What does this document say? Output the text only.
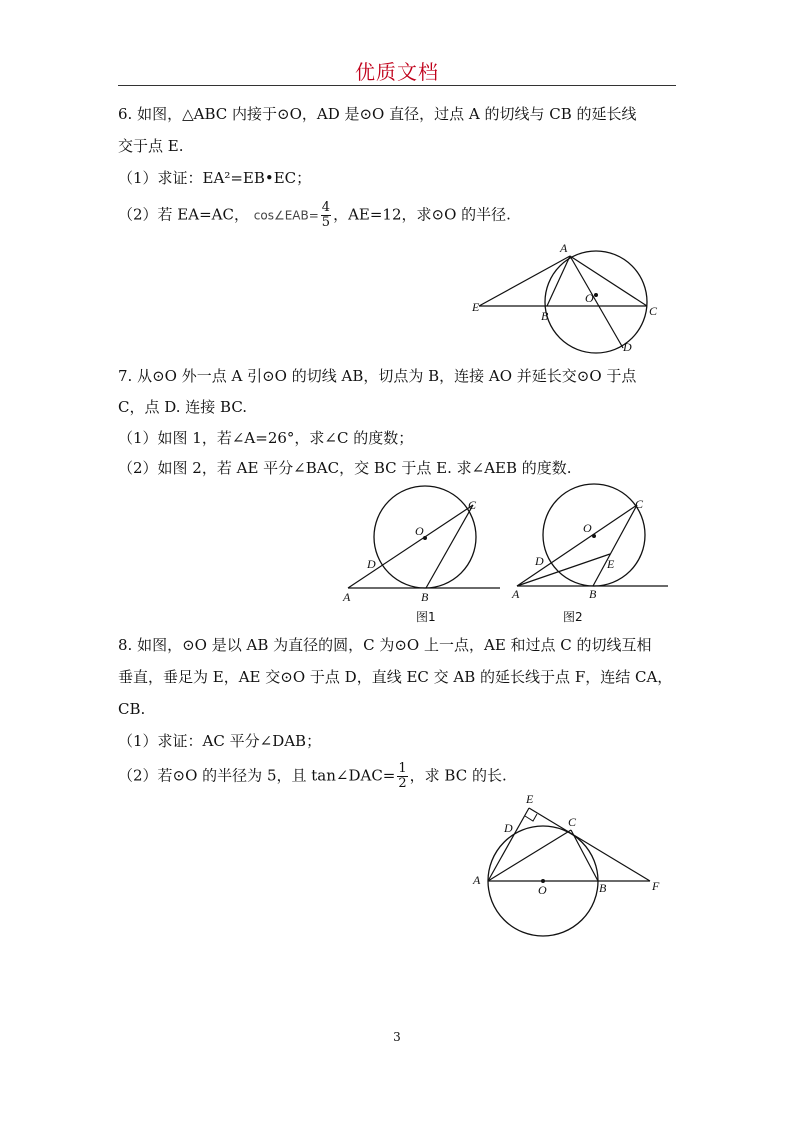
优质文档
6. 如图，△ABC 内接于⊙O，AD 是⊙O 直径，过点 A 的切线与 CB 的延长线
交于点 E.
（1）求证：EA²=EB•EC；
（2）若 EA=AC， cos∠EAB= $\frac{4}{5}$ ，AE=12，求⊙O 的半径.
A
E
O
B	C
D
7. 从⊙O 外一点 A 引⊙O 的切线 AB，切点为 B，连接 AO 并延长交⊙O 于点
C，点 D. 连接 BC.
（1）如图 1，若∠A=26°，求∠C 的度数；
（2）如图 2，若 AE 平分∠BAC，交 BC 于点 E. 求∠AEB 的度数.
O
C
D
A	B
图1
O
C
D	E
A	B
图2
8. 如图，⊙O 是以 AB 为直径的圆，C 为⊙O 上一点，AE 和过点 C 的切线互相
垂直，垂足为 E，AE 交⊙O 于点 D，直线 EC 交 AB 的延长线于点 F，连结 CA，
CB.
（1）求证：AC 平分∠DAB；
（2）若⊙O 的半径为 5，且 tan∠DAC= $\frac{1}{2}$ ，求 BC 的长.
E
D	C
A
O	B	F
3
